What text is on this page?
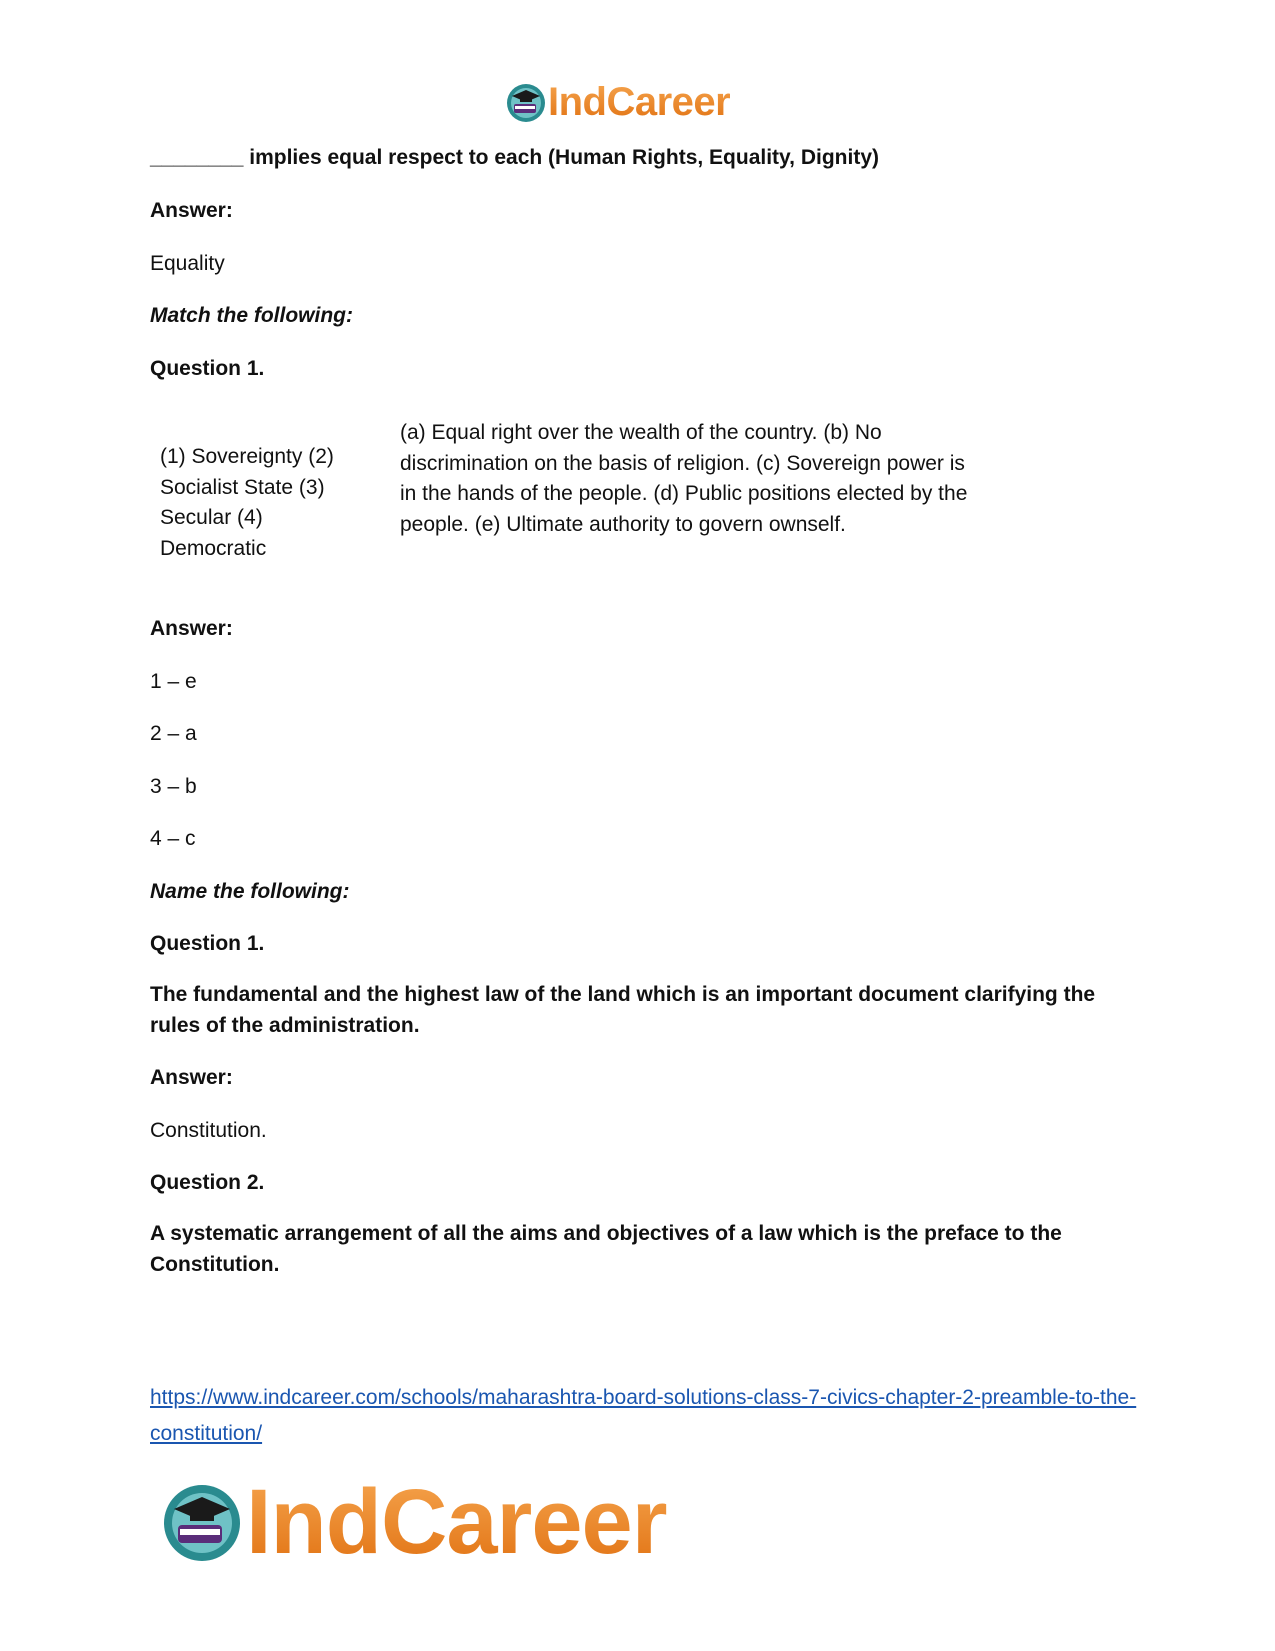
IndCareer
________ implies equal respect to each (Human Rights, Equality, Dignity)
Answer:
Equality
Match the following:
Question 1.
(1) Sovereignty (2) Socialist State (3) Secular (4) Democratic
(a) Equal right over the wealth of the country. (b) No discrimination on the basis of religion. (c) Sovereign power is in the hands of the people. (d) Public positions elected by the people. (e) Ultimate authority to govern ownself.
Answer:
1 – e
2 – a
3 – b
4 – c
Name the following:
Question 1.
The fundamental and the highest law of the land which is an important document clarifying the rules of the administration.
Answer:
Constitution.
Question 2.
A systematic arrangement of all the aims and objectives of a law which is the preface to the Constitution.
https://www.indcareer.com/schools/maharashtra-board-solutions-class-7-civics-chapter-2-preamble-to-the-constitution/
IndCareer
